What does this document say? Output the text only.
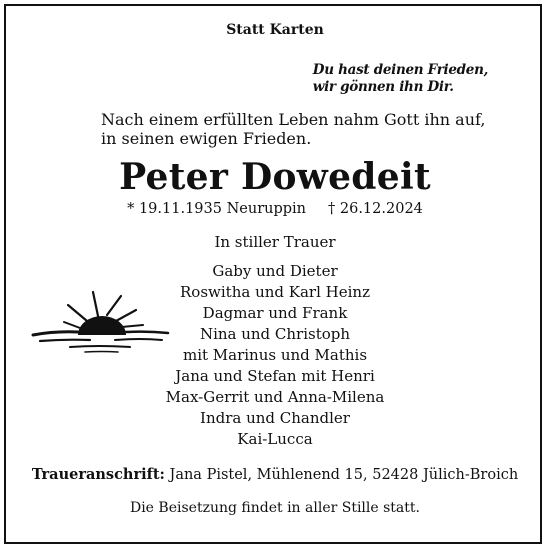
Statt Karten
Du hast deinen Frieden,
wir gönnen ihn Dir.
Nach einem erfüllten Leben nahm Gott ihn auf,
in seinen ewigen Frieden.
Peter Dowedeit
* 19.11.1935 Neuruppin † 26.12.2024
In stiller Trauer
Gaby und Dieter
Roswitha und Karl Heinz
Dagmar und Frank
Nina und Christoph
mit Marinus und Mathis
Jana und Stefan mit Henri
Max-Gerrit und Anna-Milena
Indra und Chandler
Kai-Lucca
Traueranschrift: Jana Pistel, Mühlenend 15, 52428 Jülich-Broich
Die Beisetzung findet in aller Stille statt.
